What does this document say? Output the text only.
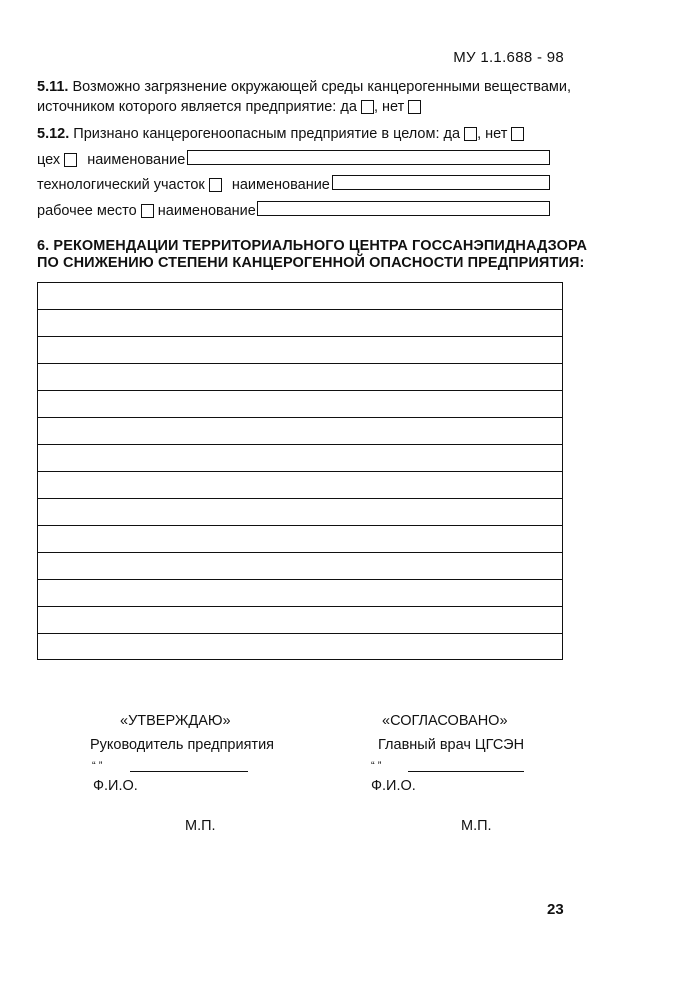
МУ 1.1.688 - 98
5.11. Возможно загрязнение окружающей среды канцерогенными веществами,
источником которого является предприятие: да , нет
5.12. Признано канцерогеноопасным предприятие в целом: да , нет
цех наименование
технологический участок наименование
рабочее место наименование
6. РЕКОМЕНДАЦИИ ТЕРРИТОРИАЛЬНОГО ЦЕНТРА ГОССАНЭПИДНАДЗОРА
ПО СНИЖЕНИЮ СТЕПЕНИ КАНЦЕРОГЕННОЙ ОПАСНОСТИ ПРЕДПРИЯТИЯ:
«УТВЕРЖДАЮ»
Руководитель предприятия
“ ”
Ф.И.О.
М.П.
«СОГЛАСОВАНО»
Главный врач ЦГСЭН
“ ”
Ф.И.О.
М.П.
23
